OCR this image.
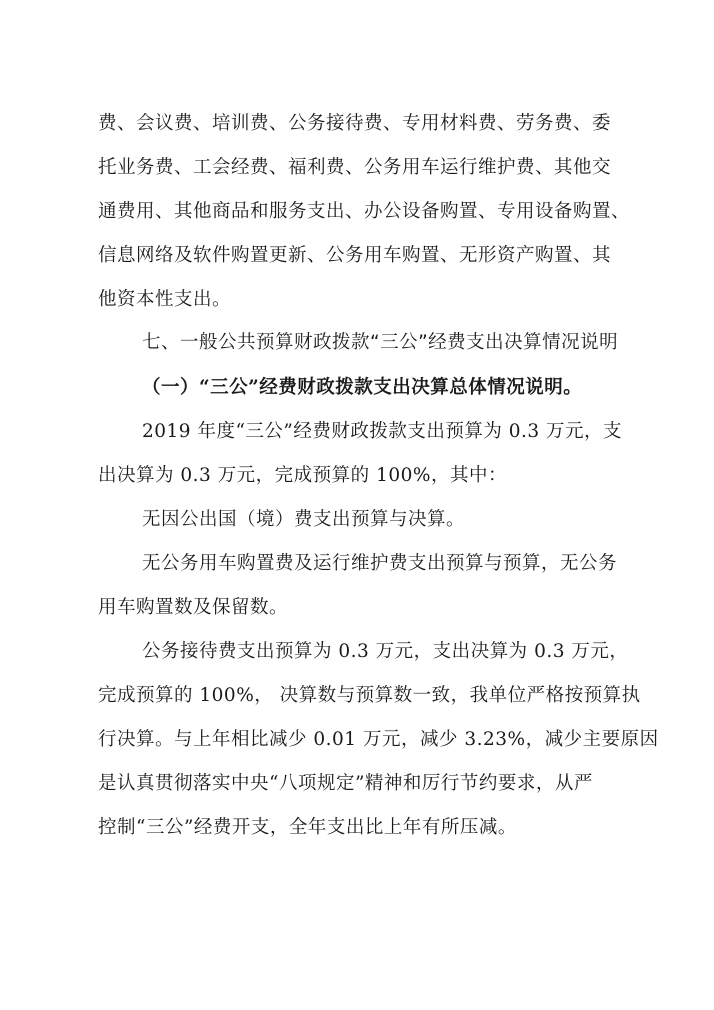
费、会议费、培训费、公务接待费、专用材料费、劳务费、委
托业务费、工会经费、福利费、公务用车运行维护费、其他交
通费用、其他商品和服务支出、办公设备购置、专用设备购置、
信息网络及软件购置更新、公务用车购置、无形资产购置、其
他资本性支出。
七、一般公共预算财政拨款“三公”经费支出决算情况说明
（一）“三公”经费财政拨款支出决算总体情况说明。
2019 年度“三公”经费财政拨款支出预算为 0.3 万元，支
出决算为 0.3 万元，完成预算的 100%，其中：
无因公出国（境）费支出预算与决算。
无公务用车购置费及运行维护费支出预算与预算，无公务
用车购置数及保留数。
公务接待费支出预算为 0.3 万元，支出决算为 0.3 万元，
完成预算的 100%， 决算数与预算数一致，我单位严格按预算执
行决算。与上年相比减少 0.01 万元，减少 3.23%，减少主要原因
是认真贯彻落实中央“八项规定”精神和厉行节约要求，从严
控制“三公”经费开支，全年支出比上年有所压减。
